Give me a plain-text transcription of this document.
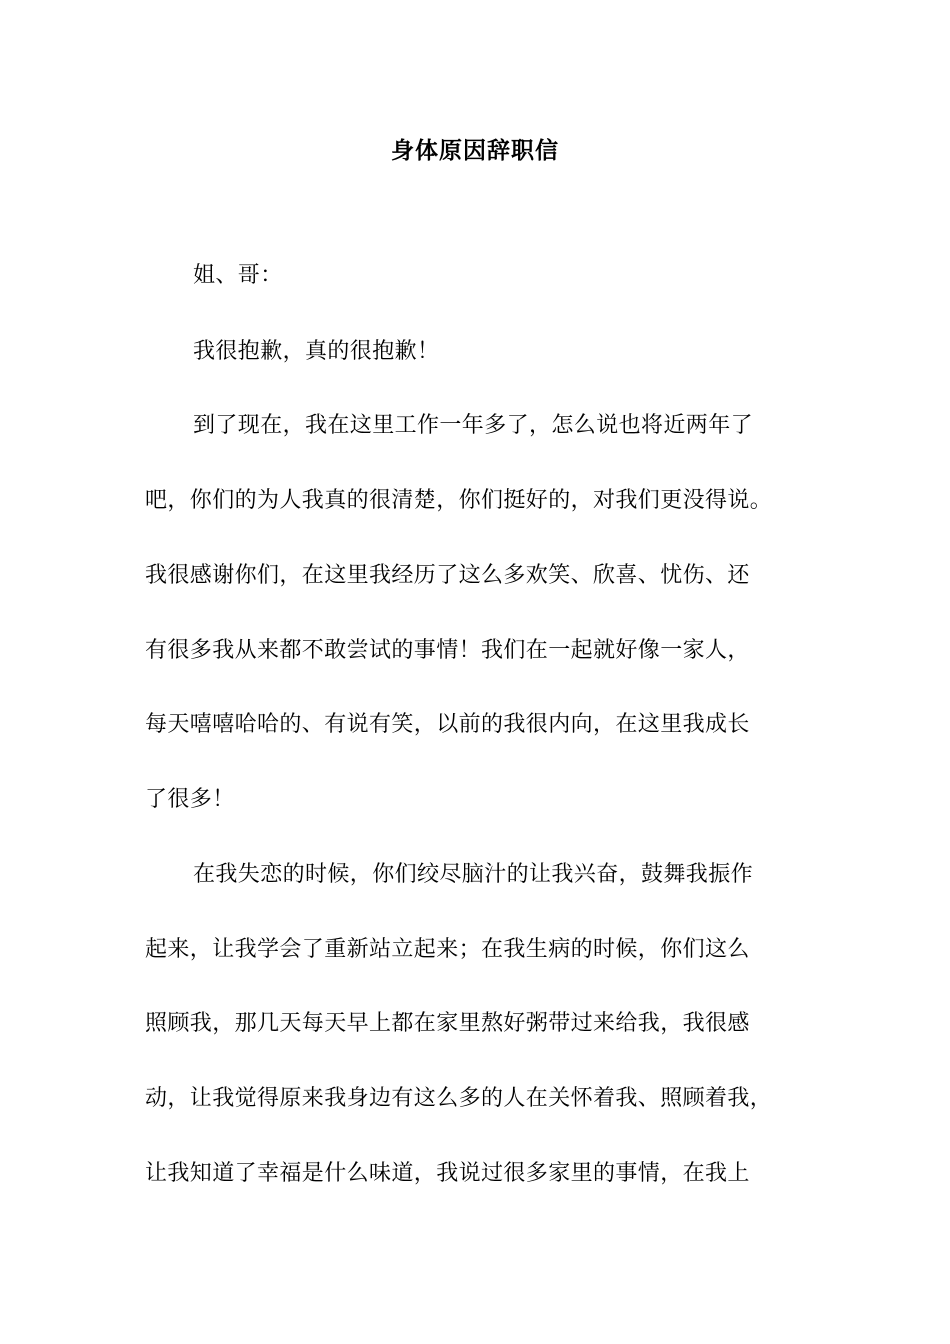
身体原因辞职信
姐、哥：
我很抱歉，真的很抱歉！
到了现在，我在这里工作一年多了，怎么说也将近两年了
吧，你们的为人我真的很清楚，你们挺好的，对我们更没得说。
我很感谢你们，在这里我经历了这么多欢笑、欣喜、忧伤、还
有很多我从来都不敢尝试的事情！我们在一起就好像一家人，
每天嘻嘻哈哈的、有说有笑，以前的我很内向，在这里我成长
了很多！
在我失恋的时候，你们绞尽脑汁的让我兴奋，鼓舞我振作
起来，让我学会了重新站立起来；在我生病的时候，你们这么
照顾我，那几天每天早上都在家里熬好粥带过来给我，我很感
动，让我觉得原来我身边有这么多的人在关怀着我、照顾着我，
让我知道了幸福是什么味道，我说过很多家里的事情，在我上
